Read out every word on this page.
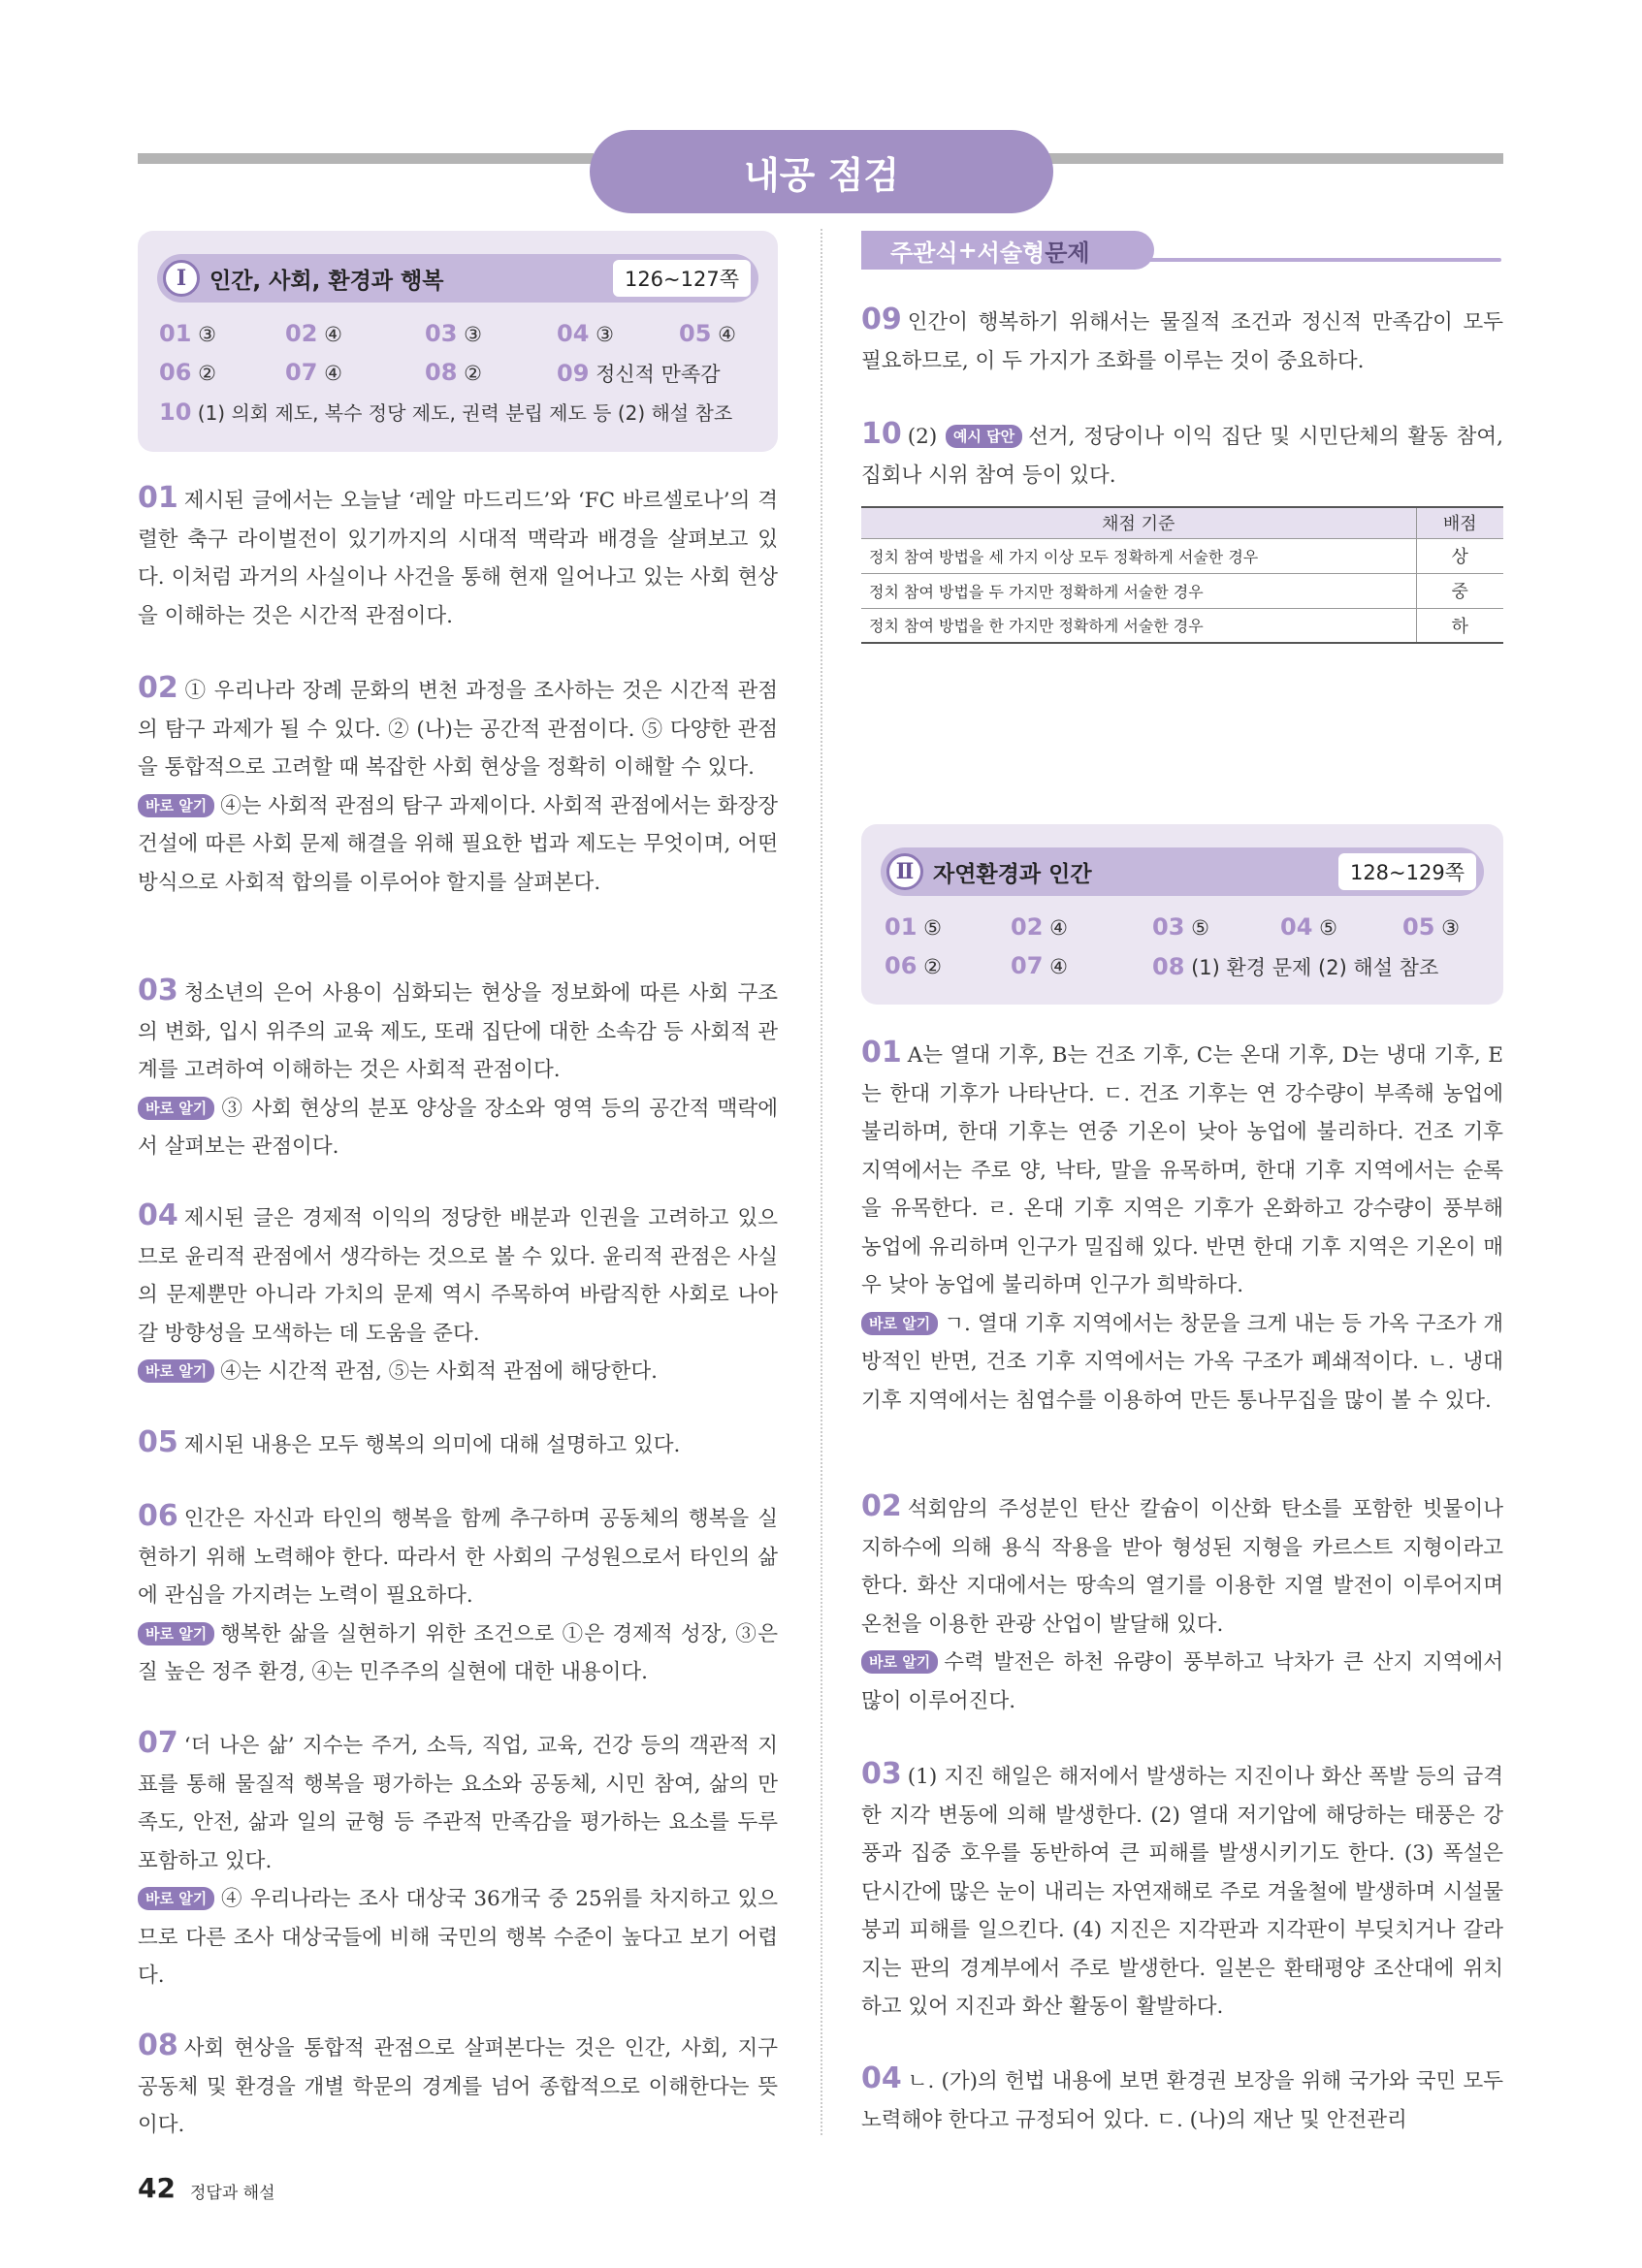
내공 점검
Ⅰ	인간, 사회, 환경과 행복	126~127쪽
01 ③	02 ④	03 ③	04 ③	05 ④
06 ②	07 ④	08 ②	09 정신적 만족감
10 (1) 의회 제도, 복수 정당 제도, 권력 분립 제도 등 (2) 해설 참조
01 제시된 글에서는 오늘날 ‘레알 마드리드’와 ‘FC 바르셀로나’의 격렬한 축구 라이벌전이 있기까지의 시대적 맥락과 배경을 살펴보고 있다. 이처럼 과거의 사실이나 사건을 통해 현재 일어나고 있는 사회 현상을 이해하는 것은 시간적 관점이다.
02 ① 우리나라 장례 문화의 변천 과정을 조사하는 것은 시간적 관점의 탐구 과제가 될 수 있다. ② (나)는 공간적 관점이다. ⑤ 다양한 관점을 통합적으로 고려할 때 복잡한 사회 현상을 정확히 이해할 수 있다.
바로 알기 ④는 사회적 관점의 탐구 과제이다. 사회적 관점에서는 화장장 건설에 따른 사회 문제 해결을 위해 필요한 법과 제도는 무엇이며, 어떤 방식으로 사회적 합의를 이루어야 할지를 살펴본다.
03 청소년의 은어 사용이 심화되는 현상을 정보화에 따른 사회 구조의 변화, 입시 위주의 교육 제도, 또래 집단에 대한 소속감 등 사회적 관계를 고려하여 이해하는 것은 사회적 관점이다.
바로 알기 ③ 사회 현상의 분포 양상을 장소와 영역 등의 공간적 맥락에서 살펴보는 관점이다.
04 제시된 글은 경제적 이익의 정당한 배분과 인권을 고려하고 있으므로 윤리적 관점에서 생각하는 것으로 볼 수 있다. 윤리적 관점은 사실의 문제뿐만 아니라 가치의 문제 역시 주목하여 바람직한 사회로 나아갈 방향성을 모색하는 데 도움을 준다.
바로 알기 ④는 시간적 관점, ⑤는 사회적 관점에 해당한다.
05 제시된 내용은 모두 행복의 의미에 대해 설명하고 있다.
06 인간은 자신과 타인의 행복을 함께 추구하며 공동체의 행복을 실현하기 위해 노력해야 한다. 따라서 한 사회의 구성원으로서 타인의 삶에 관심을 가지려는 노력이 필요하다.
바로 알기 행복한 삶을 실현하기 위한 조건으로 ①은 경제적 성장, ③은 질 높은 정주 환경, ④는 민주주의 실현에 대한 내용이다.
07 ‘더 나은 삶’ 지수는 주거, 소득, 직업, 교육, 건강 등의 객관적 지표를 통해 물질적 행복을 평가하는 요소와 공동체, 시민 참여, 삶의 만족도, 안전, 삶과 일의 균형 등 주관적 만족감을 평가하는 요소를 두루 포함하고 있다.
바로 알기 ④ 우리나라는 조사 대상국 36개국 중 25위를 차지하고 있으므로 다른 조사 대상국들에 비해 국민의 행복 수준이 높다고 보기 어렵다.
08 사회 현상을 통합적 관점으로 살펴본다는 것은 인간, 사회, 지구 공동체 및 환경을 개별 학문의 경계를 넘어 종합적으로 이해한다는 뜻이다.
주관식 + 서술형 문제
09 인간이 행복하기 위해서는 물질적 조건과 정신적 만족감이 모두 필요하므로, 이 두 가지가 조화를 이루는 것이 중요하다.
10 (2) 예시 답안 선거, 정당이나 이익 집단 및 시민단체의 활동 참여, 집회나 시위 참여 등이 있다.
채점 기준	배점
정치 참여 방법을 세 가지 이상 모두 정확하게 서술한 경우	상
정치 참여 방법을 두 가지만 정확하게 서술한 경우	중
정치 참여 방법을 한 가지만 정확하게 서술한 경우	하
Ⅱ 자연환경과 인간	128~129쪽
01 ⑤	02 ④	03 ⑤	04 ⑤	05 ③
06 ②	07 ④	08 (1) 환경 문제 (2) 해설 참조
01 A는 열대 기후, B는 건조 기후, C는 온대 기후, D는 냉대 기후, E는 한대 기후가 나타난다. ㄷ. 건조 기후는 연 강수량이 부족해 농업에 불리하며, 한대 기후는 연중 기온이 낮아 농업에 불리하다. 건조 기후 지역에서는 주로 양, 낙타, 말을 유목하며, 한대 기후 지역에서는 순록을 유목한다. ㄹ. 온대 기후 지역은 기후가 온화하고 강수량이 풍부해 농업에 유리하며 인구가 밀집해 있다. 반면 한대 기후 지역은 기온이 매우 낮아 농업에 불리하며 인구가 희박하다.
바로 알기 ㄱ. 열대 기후 지역에서는 창문을 크게 내는 등 가옥 구조가 개방적인 반면, 건조 기후 지역에서는 가옥 구조가 폐쇄적이다. ㄴ. 냉대 기후 지역에서는 침엽수를 이용하여 만든 통나무집을 많이 볼 수 있다.
02 석회암의 주성분인 탄산 칼슘이 이산화 탄소를 포함한 빗물이나 지하수에 의해 용식 작용을 받아 형성된 지형을 카르스트 지형이라고 한다. 화산 지대에서는 땅속의 열기를 이용한 지열 발전이 이루어지며 온천을 이용한 관광 산업이 발달해 있다.
바로 알기 수력 발전은 하천 유량이 풍부하고 낙차가 큰 산지 지역에서 많이 이루어진다.
03 (1) 지진 해일은 해저에서 발생하는 지진이나 화산 폭발 등의 급격한 지각 변동에 의해 발생한다. (2) 열대 저기압에 해당하는 태풍은 강풍과 집중 호우를 동반하여 큰 피해를 발생시키기도 한다. (3) 폭설은 단시간에 많은 눈이 내리는 자연재해로 주로 겨울철에 발생하며 시설물 붕괴 피해를 일으킨다. (4) 지진은 지각판과 지각판이 부딪치거나 갈라지는 판의 경계부에서 주로 발생한다. 일본은 환태평양 조산대에 위치하고 있어 지진과 화산 활동이 활발하다.
04 ㄴ. (가)의 헌법 내용에 보면 환경권 보장을 위해 국가와 국민 모두 노력해야 한다고 규정되어 있다. ㄷ. (나)의 재난 및 안전관리
42 정답과 해설
